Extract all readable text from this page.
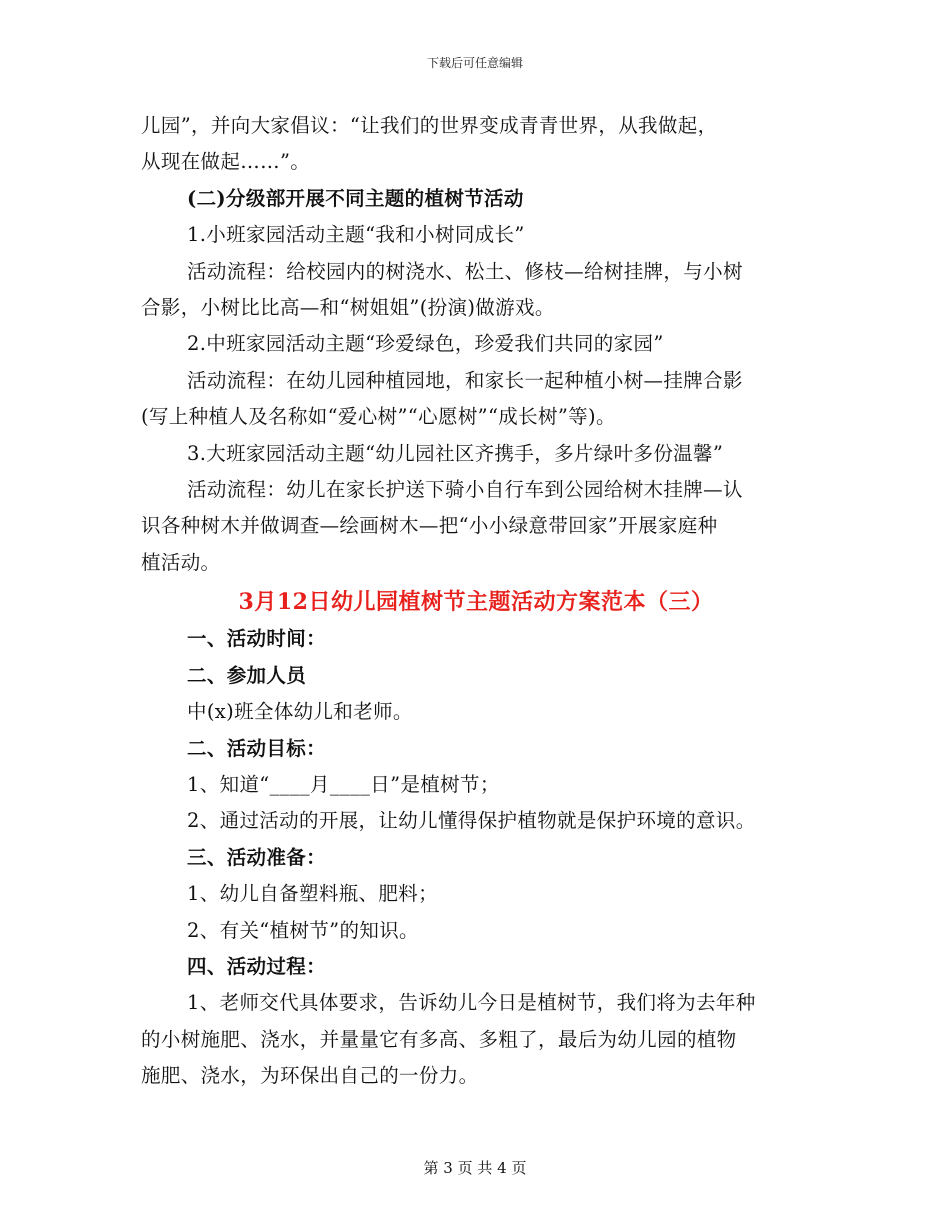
下载后可任意编辑

儿园”，并向大家倡议：“让我们的世界变成青青世界，从我做起，

从现在做起……”。

(二)分级部开展不同主题的植树节活动

1.小班家园活动主题“我和小树同成长”

活动流程：给校园内的树浇水、松土、修枝—给树挂牌，与小树

合影，小树比比高—和“树姐姐”(扮演)做游戏。

2.中班家园活动主题“珍爱绿色，珍爱我们共同的家园”

活动流程：在幼儿园种植园地，和家长一起种植小树—挂牌合影

(写上种植人及名称如“爱心树”“心愿树”“成长树”等)。

3.大班家园活动主题“幼儿园社区齐携手，多片绿叶多份温馨”

活动流程：幼儿在家长护送下骑小自行车到公园给树木挂牌—认

识各种树木并做调查—绘画树木—把“小小绿意带回家”开展家庭种

植活动。

3月12日幼儿园植树节主题活动方案范本（三）

一、活动时间：

二、参加人员

中(x)班全体幼儿和老师。

二、活动目标：

1、知道“____月____日”是植树节；

2、通过活动的开展，让幼儿懂得保护植物就是保护环境的意识。

三、活动准备：

1、幼儿自备塑料瓶、肥料；

2、有关“植树节”的知识。

四、活动过程：

1、老师交代具体要求，告诉幼儿今日是植树节，我们将为去年种

的小树施肥、浇水，并量量它有多高、多粗了，最后为幼儿园的植物

施肥、浇水，为环保出自己的一份力。

第 3 页 共 4 页
